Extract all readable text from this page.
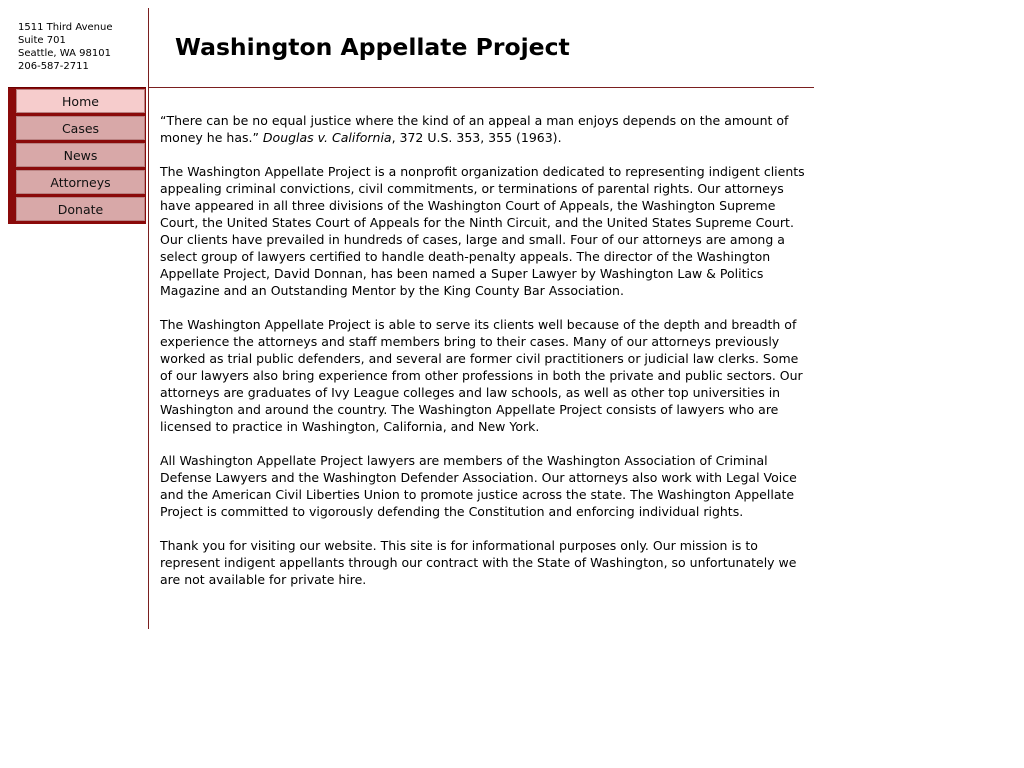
1511 Third Avenue
Suite 701
Seattle, WA 98101
206-587-2711
Washington Appellate Project
Home
Cases
News
Attorneys
Donate

“There can be no equal justice where the kind of an appeal a man enjoys depends on the amount of money he has.” Douglas v. California, 372 U.S. 353, 355 (1963).

The Washington Appellate Project is a nonprofit organization dedicated to representing indigent clients appealing criminal convictions, civil commitments, or terminations of parental rights. Our attorneys have appeared in all three divisions of the Washington Court of Appeals, the Washington Supreme Court, the United States Court of Appeals for the Ninth Circuit, and the United States Supreme Court. Our clients have prevailed in hundreds of cases, large and small. Four of our attorneys are among a select group of lawyers certified to handle death-penalty appeals. The director of the Washington Appellate Project, David Donnan, has been named a Super Lawyer by Washington Law & Politics Magazine and an Outstanding Mentor by the King County Bar Association.

The Washington Appellate Project is able to serve its clients well because of the depth and breadth of experience the attorneys and staff members bring to their cases. Many of our attorneys previously worked as trial public defenders, and several are former civil practitioners or judicial law clerks. Some of our lawyers also bring experience from other professions in both the private and public sectors. Our attorneys are graduates of Ivy League colleges and law schools, as well as other top universities in Washington and around the country. The Washington Appellate Project consists of lawyers who are licensed to practice in Washington, California, and New York.

All Washington Appellate Project lawyers are members of the Washington Association of Criminal Defense Lawyers and the Washington Defender Association. Our attorneys also work with Legal Voice and the American Civil Liberties Union to promote justice across the state. The Washington Appellate Project is committed to vigorously defending the Constitution and enforcing individual rights.

Thank you for visiting our website. This site is for informational purposes only. Our mission is to represent indigent appellants through our contract with the State of Washington, so unfortunately we are not available for private hire.
